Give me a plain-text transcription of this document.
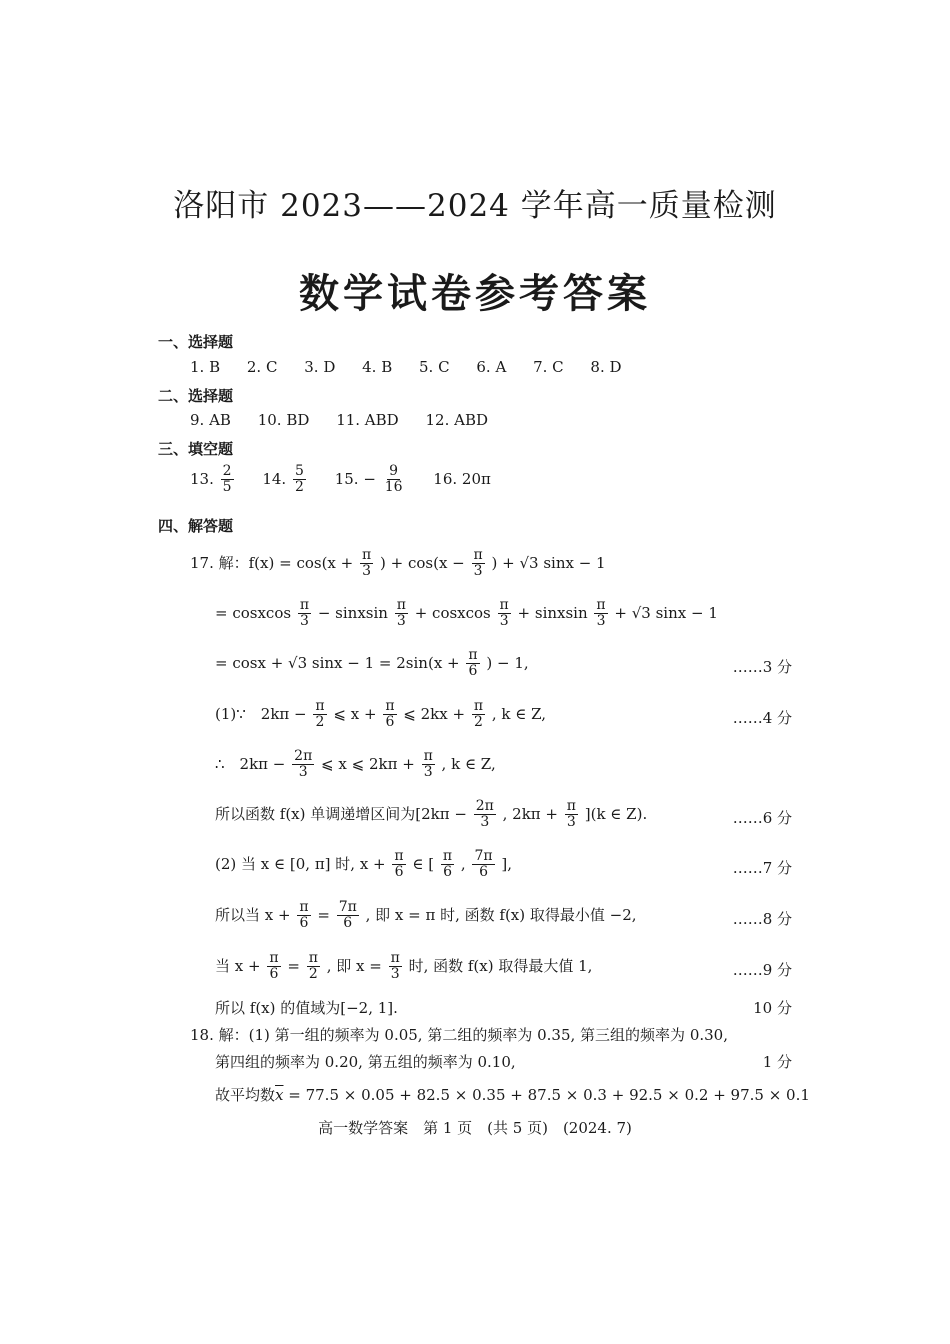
洛阳市 2023——2024 学年高一质量检测
数学试卷参考答案
一、选择题
1. B 2. C 3. D 4. B 5. C 6. A 7. C 8. D
二、选择题
9. AB 10. BD 11. ABD 12. ABD
三、填空题
13. $\frac{2}{5} 14$. $\frac{5}{2} 15$. − $\frac{9}{16} 16$. 20π
四、解答题
17. 解：$f(x) = \cos(x + \frac{\pi}{3}$ ) + $\cos(x - \frac{\pi}{3}$ ) + √3 sinx − 1
= cosxcos $\frac{\pi}{3}$ − sinxsin $\frac{\pi}{3}$ + cosxcos $\frac{\pi}{3}$ + sinxsin $\frac{\pi}{3} + √3$ sinx − 1
= cosx + √3 $\sin x - 1 = 2\sin(x + \frac{\pi}{6}$ ) − 1,	……3 分
(1)∵　$2k\pi - \frac{\pi}{2}$ ⩽ $x + \frac{\pi}{6}$ ⩽ $2kx + \frac{\pi}{2}$ , k ∈ Z,	……4 分
∴　$2k\pi - \frac{2\pi}{3}$ ⩽ x ⩽ $2k\pi + \frac{\pi}{3}$ , k ∈ Z,
所以函数 f(x) 单调递增区间为[$2k\pi - \frac{2\pi}{3}$ , $2k\pi + \frac{\pi}{3} ](k$ ∈ Z).	……6 分
(2) 当 x ∈ [0, π] 时, $x + \frac{\pi}{6}$ ∈ [ $\frac{\pi}{6}$ , $\frac{7\pi}{6}$ ],	……7 分
所以当 $x + \frac{\pi}{6} = \frac{7\pi}{6}$ , 即 x = π 时, 函数 f(x) 取得最小值 −2,	……8 分
当 $x + \frac{\pi}{6} = \frac{\pi}{2}$ , 即 $x = \frac{\pi}{3}$ 时, 函数 f(x) 取得最大值 1,	……9 分
所以 f(x) 的值域为[−2, 1].	10 分
18. 解：(1) 第一组的频率为 0.05, 第二组的频率为 0.35, 第三组的频率为 0.30,
第四组的频率为 0.20, 第五组的频率为 0.10,	1 分
故平均数$\overline{x} = 77.5 \times 0.05 + 82.5 \times 0.35 + 87.5 \times 0.3 + 92.5 \times 0.2 + 97.5 \times 0.1$
高一数学答案　第 1 页　(共 5 页)　(2024. 7)
